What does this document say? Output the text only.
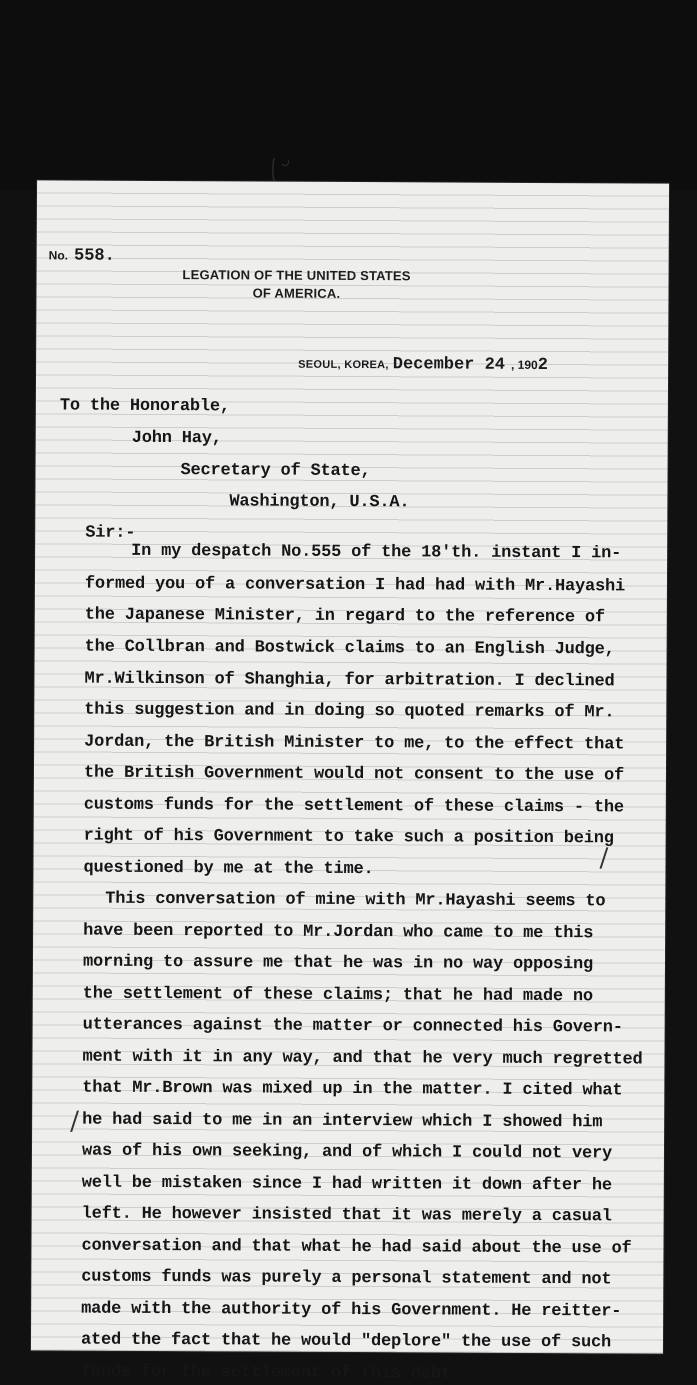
No. 558.
LEGATION OF THE UNITED STATES
OF AMERICA.
SEOUL, KOREA, December 24 , 1902
To the Honorable,
John Hay,
Secretary of State,
Washington, U.S.A.
Sir:-
In my despatch No.555 of the 18'th. instant I in-
formed you of a conversation I had had with Mr.Hayashi
the Japanese Minister, in regard to the reference of
the Collbran and Bostwick claims to an English Judge,
Mr.Wilkinson of Shanghia, for arbitration. I declined
this suggestion and in doing so quoted remarks of Mr.
Jordan, the British Minister to me, to the effect that
the British Government would not consent to the use of
customs funds for the settlement of these claims - the
right of his Government to take such a position being
questioned by me at the time.
This conversation of mine with Mr.Hayashi seems to
have been reported to Mr.Jordan who came to me this
morning to assure me that he was in no way opposing
the settlement of these claims; that he had made no
utterances against the matter or connected his Govern-
ment with it in any way, and that he very much regretted
that Mr.Brown was mixed up in the matter. I cited what
he had said to me in an interview which I showed him
was of his own seeking, and of which I could not very
well be mistaken since I had written it down after he
left. He however insisted that it was merely a casual
conversation and that what he had said about the use of
customs funds was purely a personal statement and not
made with the authority of his Government. He reitter-
ated the fact that he would "deplore" the use of such
funds for the settlement of this debt.
/
/
